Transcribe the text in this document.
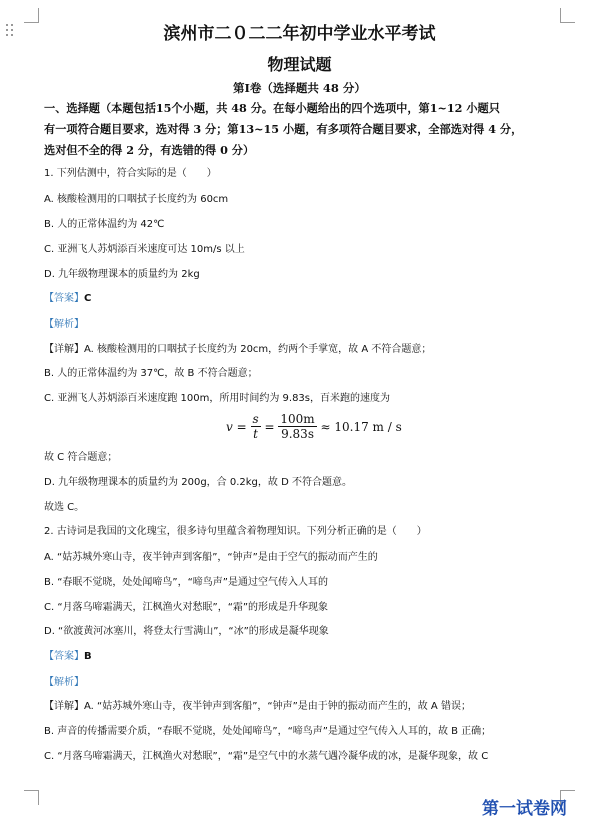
滨州市二０二二年初中学业水平考试
物理试题
第Ⅰ卷（选择题共 48 分）
一、选择题（本题包括15个小题，共 48 分。在每小题给出的四个选项中，第1~12 小题只
有一项符合题目要求，选对得 3 分；第13~15 小题，有多项符合题目要求，全部选对得 4 分，
选对但不全的得 2 分，有选错的得 0 分）
1. 下列估测中，符合实际的是（　　）
A. 核酸检测用的口咽拭子长度约为 60cm
B. 人的正常体温约为 42℃
C. 亚洲飞人苏炳添百米速度可达 10m/s 以上
D. 九年级物理课本的质量约为 2kg
【答案】C
【解析】
【详解】A. 核酸检测用的口咽拭子长度约为 20cm，约两个手掌宽，故 A 不符合题意；
B. 人的正常体温约为 37℃，故 B 不符合题意；
C. 亚洲飞人苏炳添百米速度跑 100m，所用时间约为 9.83s，百米跑的速度为
$v = \frac{s}{t} = \frac{100m}{9.83s} \approx 10.17$ m / s
故 C 符合题意；
D. 九年级物理课本的质量约为 200g，合 0.2kg，故 D 不符合题意。
故选 C。
2. 古诗词是我国的文化瑰宝，很多诗句里蕴含着物理知识。下列分析正确的是（　　）
A. “姑苏城外寒山寺，夜半钟声到客船”，“钟声”是由于空气的振动而产生的
B. “春眠不觉晓，处处闻啼鸟”，“啼鸟声”是通过空气传入人耳的
C. “月落乌啼霜满天，江枫渔火对愁眠”，“霜”的形成是升华现象
D. “欲渡黄河冰塞川，将登太行雪满山”，“冰”的形成是凝华现象
【答案】B
【解析】
【详解】A. “姑苏城外寒山寺，夜半钟声到客船”，“钟声”是由于钟的振动而产生的，故 A 错误；
B. 声音的传播需要介质，“春眠不觉晓，处处闻啼鸟”，“啼鸟声”是通过空气传入人耳的，故 B 正确；
C. “月落乌啼霜满天，江枫渔火对愁眠”，“霜”是空气中的水蒸气遇冷凝华成的冰，是凝华现象，故 C
第一试卷网
